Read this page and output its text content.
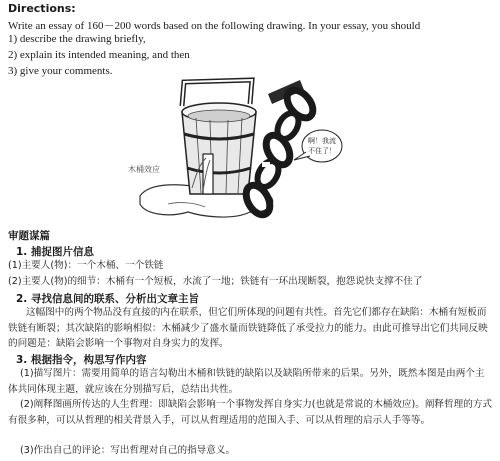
Directions:
Write an essay of 160－200 words based on the following drawing. In your essay, you should
1) describe the drawing briefly,
2) explain its intended meaning, and then
3) give your comments.
啊！我流
不住了！
木桶效应
审题谋篇
1. 捕捉图片信息
(1)主要人(物)：一个木桶、一个铁链
(2)主要人(物)的细节：木桶有一个短板，水流了一地；铁链有一环出现断裂，抱怨说快支撑不住了
2. 寻找信息间的联系、分析出文章主旨
这幅图中的两个物品没有直接的内在联系，但它们所体现的问题有共性。首先它们都存在缺陷：木桶有短板而铁链有断裂；其次缺陷的影响相似：木桶减少了盛水量而铁链降低了承受拉力的能力。由此可推导出它们共同反映的问题是：缺陷会影响一个事物对自身实力的发挥。
3. 根据指令，构思写作内容
(1)描写图片：需要用简单的语言勾勒出木桶和铁链的缺陷以及缺陷所带来的后果。另外，既然本图是由两个主体共同体现主题，就应该在分别描写后，总结出共性。
(2)阐释图画所传达的人生哲理：即缺陷会影响一个事物发挥自身实力(也就是常说的木桶效应)。阐释哲理的方式有很多种，可以从哲理的相关背景入手，可以从哲理适用的范围入手、可以从哲理的启示人手等等。
(3)作出自己的评论：写出哲理对自己的指导意义。
